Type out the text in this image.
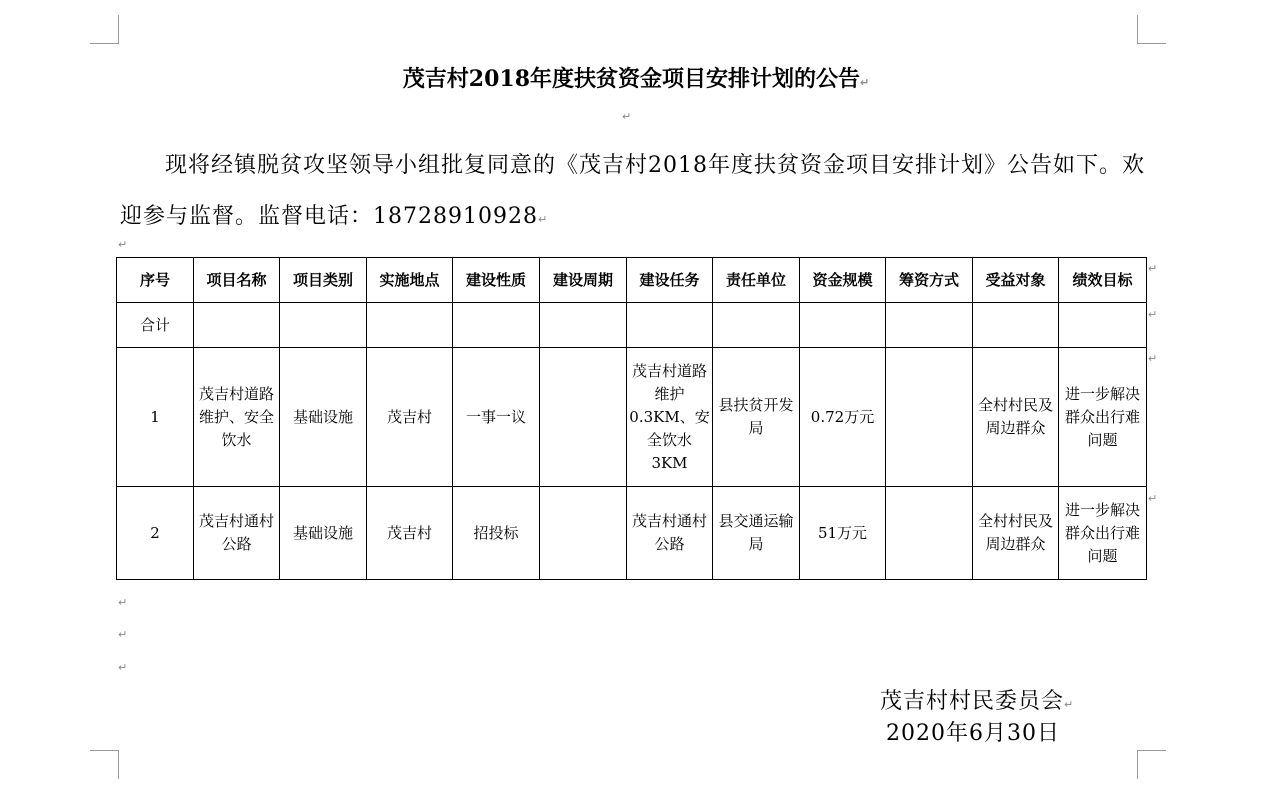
茂吉村2018年度扶贫资金项目安排计划的公告↵
↵
现将经镇脱贫攻坚领导小组批复同意的《茂吉村2018年度扶贫资金项目安排计划》公告如下。欢迎参与监督。监督电话：18728910928↵
↵
序号	项目名称	项目类别	实施地点	建设性质	建设周期	建设任务	责任单位	资金规模	筹资方式	受益对象	绩效目标
合计											
1	茂吉村道路维护、安全饮水	基础设施	茂吉村	一事一议		茂吉村道路维护0.3KM、安全饮水3KM	县扶贫开发局	0.72万元		全村村民及周边群众	进一步解决群众出行难问题
2	茂吉村通村公路	基础设施	茂吉村	招投标		茂吉村通村公路	县交通运输局	51万元		全村村民及周边群众	进一步解决群众出行难问题
↵
↵
↵
↵
↵
↵
↵
茂吉村村民委员会↵
2020年6月30日
